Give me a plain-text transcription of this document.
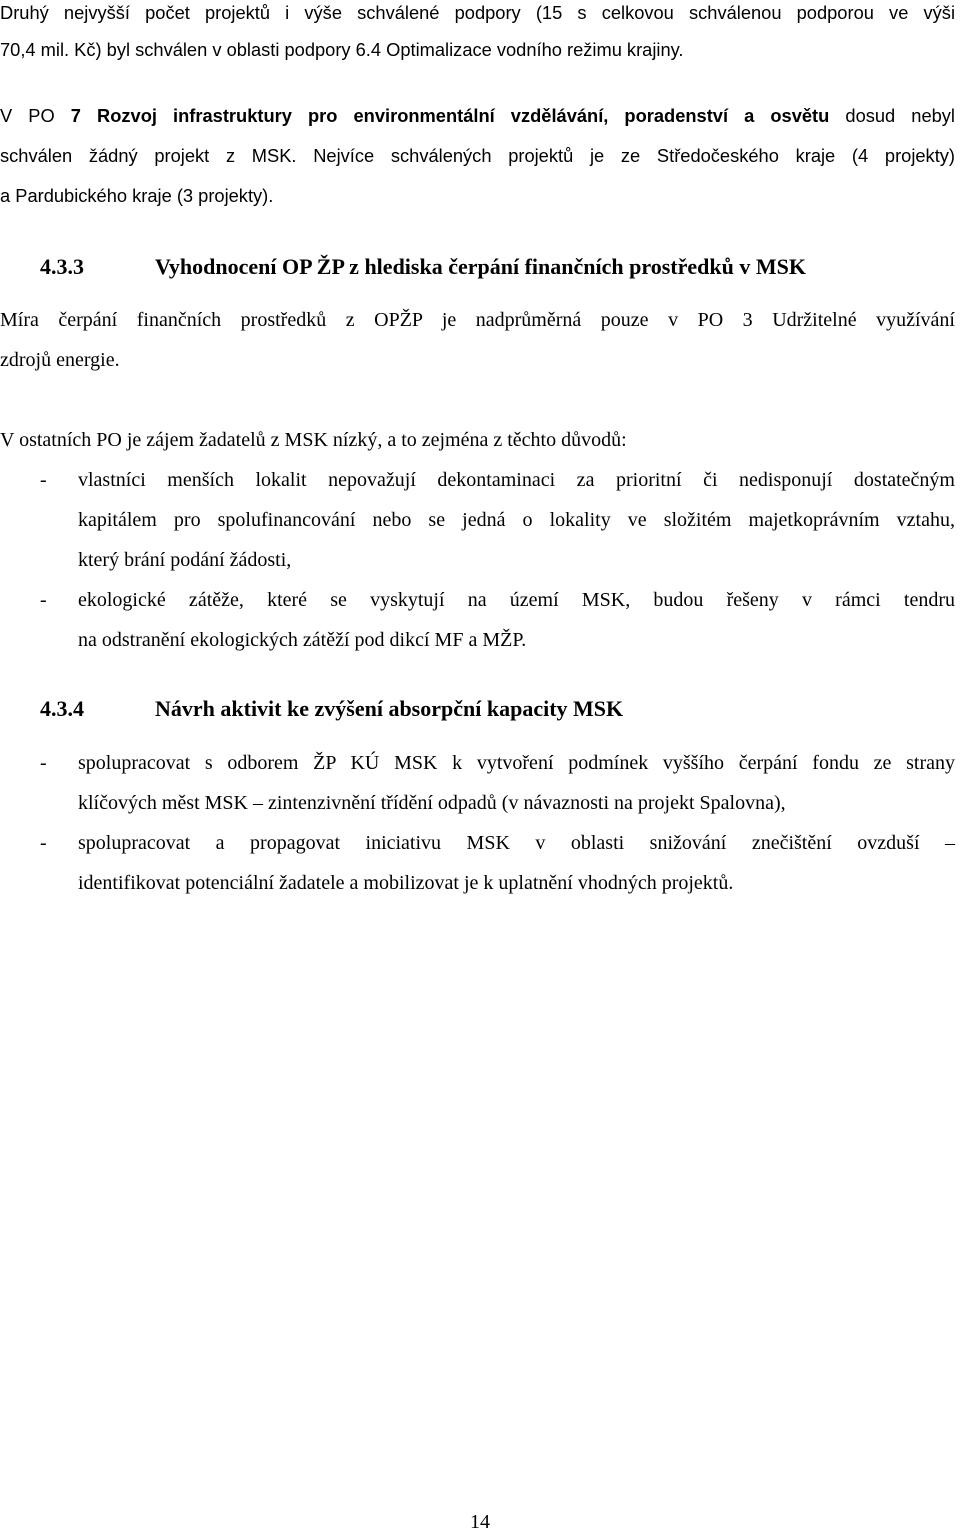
Druhý nejvyšší počet projektů i výše schválené podpory (15 s celkovou schválenou podporou ve výši
70,4 mil. Kč) byl schválen v oblasti podpory 6.4 Optimalizace vodního režimu krajiny.
V PO 7 Rozvoj infrastruktury pro environmentální vzdělávání, poradenství a osvětu dosud nebyl
schválen žádný projekt z MSK. Nejvíce schválených projektů je ze Středočeského kraje (4 projekty)
a Pardubického kraje (3 projekty).
4.3.3	Vyhodnocení OP ŽP z hlediska čerpání finančních prostředků v MSK
Míra čerpání finančních prostředků z OPŽP je nadprůměrná pouze v PO 3 Udržitelné využívání
zdrojů energie.
V ostatních PO je zájem žadatelů z MSK nízký, a to zejména z těchto důvodů:
- vlastníci menších lokalit nepovažují dekontaminaci za prioritní či nedisponují dostatečným
kapitálem pro spolufinancování nebo se jedná o lokality ve složitém majetkoprávním vztahu,
který brání podání žádosti,
- ekologické zátěže, které se vyskytují na území MSK, budou řešeny v rámci tendru
na odstranění ekologických zátěží pod dikcí MF a MŽP.
4.3.4	Návrh aktivit ke zvýšení absorpční kapacity MSK
- spolupracovat s odborem ŽP KÚ MSK k vytvoření podmínek vyššího čerpání fondu ze strany
klíčových měst MSK – zintenzivnění třídění odpadů (v návaznosti na projekt Spalovna),
- spolupracovat a propagovat iniciativu MSK v oblasti snižování znečištění ovzduší –
identifikovat potenciální žadatele a mobilizovat je k uplatnění vhodných projektů.
14
